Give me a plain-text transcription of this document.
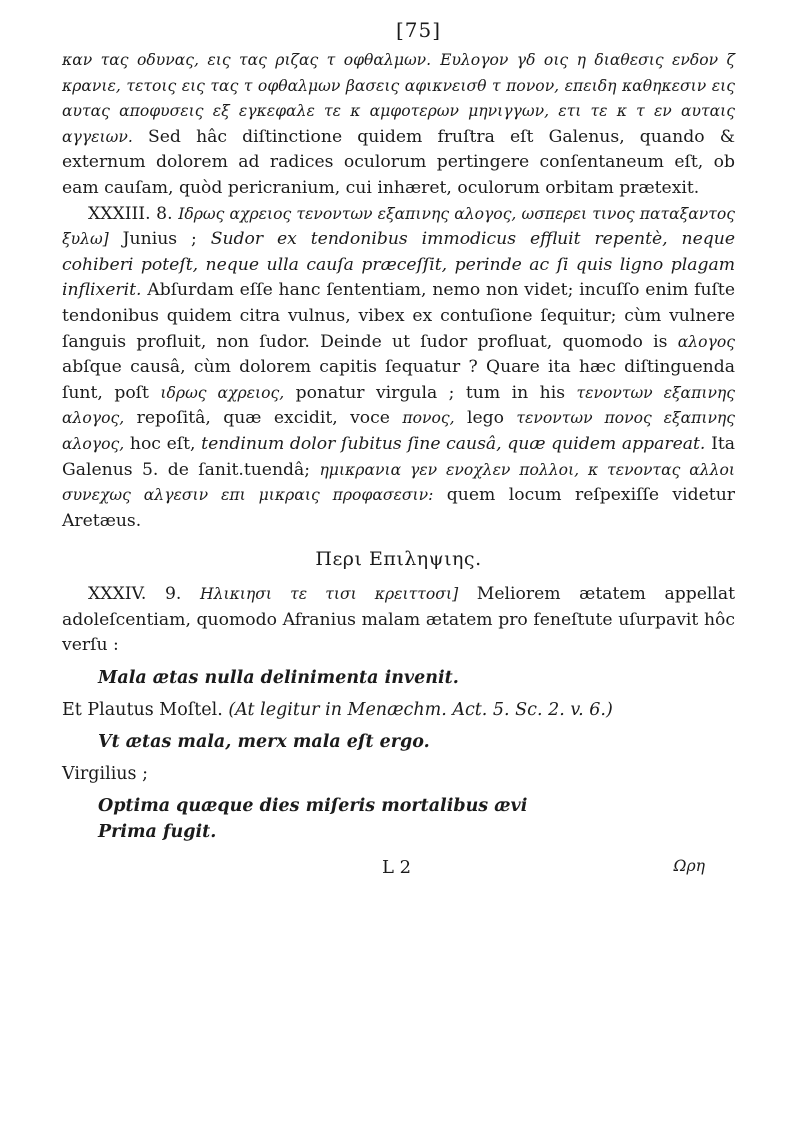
[75]

καν τας οδυνας, εις τας ριζας τ οφθαλμων. Ευλογον γδ οις η διαθεσις ενδον ζ κρανιε, τετοις εις τας τ οφθαλμων βασεις αφικνεισθ τ πονον, επειδη καθηκεσιν εις αυτας αποφυσεις εξ εγκεφαλε τε κ αμφοτερων μηνιγγων, ετι τε κ τ εν αυταις αγγειων. Sed hâc diſtinctione quidem fruſtra eſt Galenus, quando & externum dolorem ad radices oculorum pertingere conſentaneum eſt, ob eam cauſam, quòd pericranium, cui inhæret, oculorum orbitam prætexit.

XXXIII. 8. Ιδρως αχρειος τενοντων εξαπινης αλογος, ωσπερει τινος παταξαντος ξυλω] Junius ; Sudor ex tendonibus immodicus effluit repentè, neque cohiberi poteſt, neque ulla cauſa præceſſit, perinde ac ſi quis ligno plagam inflixerit. Abſurdam eſſe hanc ſententiam, nemo non videt; incuſſo enim fuſte tendonibus quidem citra vulnus, vibex ex contuſione ſequitur; cùm vulnere ſanguis profluit, non ſudor. Deinde ut ſudor profluat, quomodo is αλογος abſque causâ, cùm dolorem capitis ſequatur ? Quare ita hæc diſtinguenda ſunt, poſt ιδρως αχρειος, ponatur virgula ; tum in his τενοντων εξαπινης αλογος, repoſitâ, quæ excidit, voce πονος, lego τενοντων πονος εξαπινης αλογος, hoc eſt, tendinum dolor ſubitus ſine causâ, quæ quidem appareat. Ita Galenus 5. de ſanit.tuendâ; ημικρανια γεν ενοχλεν πολλοι, κ τενοντας αλλοι συνεχως αλγεσιν επι μικραις προφασεσιν: quem locum reſpexiſſe videtur Aretæus.

Περι Επιληψιης.

XXXIV. 9. Ηλικιησι τε τισι κρειττοσι] Meliorem ætatem appellat adoleſcentiam, quomodo Afranius malam ætatem pro feneſtute uſurpavit hôc verſu :

Mala ætas nulla delinimenta invenit.

Et Plautus Moſtel. (At legitur in Menæchm. Act. 5. Sc. 2. v. 6.)

Vt ætas mala, merx mala eſt ergo.

Virgilius ;

Optima quæque dies miſeris mortalibus ævi
Prima fugit.
L 2	Ωρη
